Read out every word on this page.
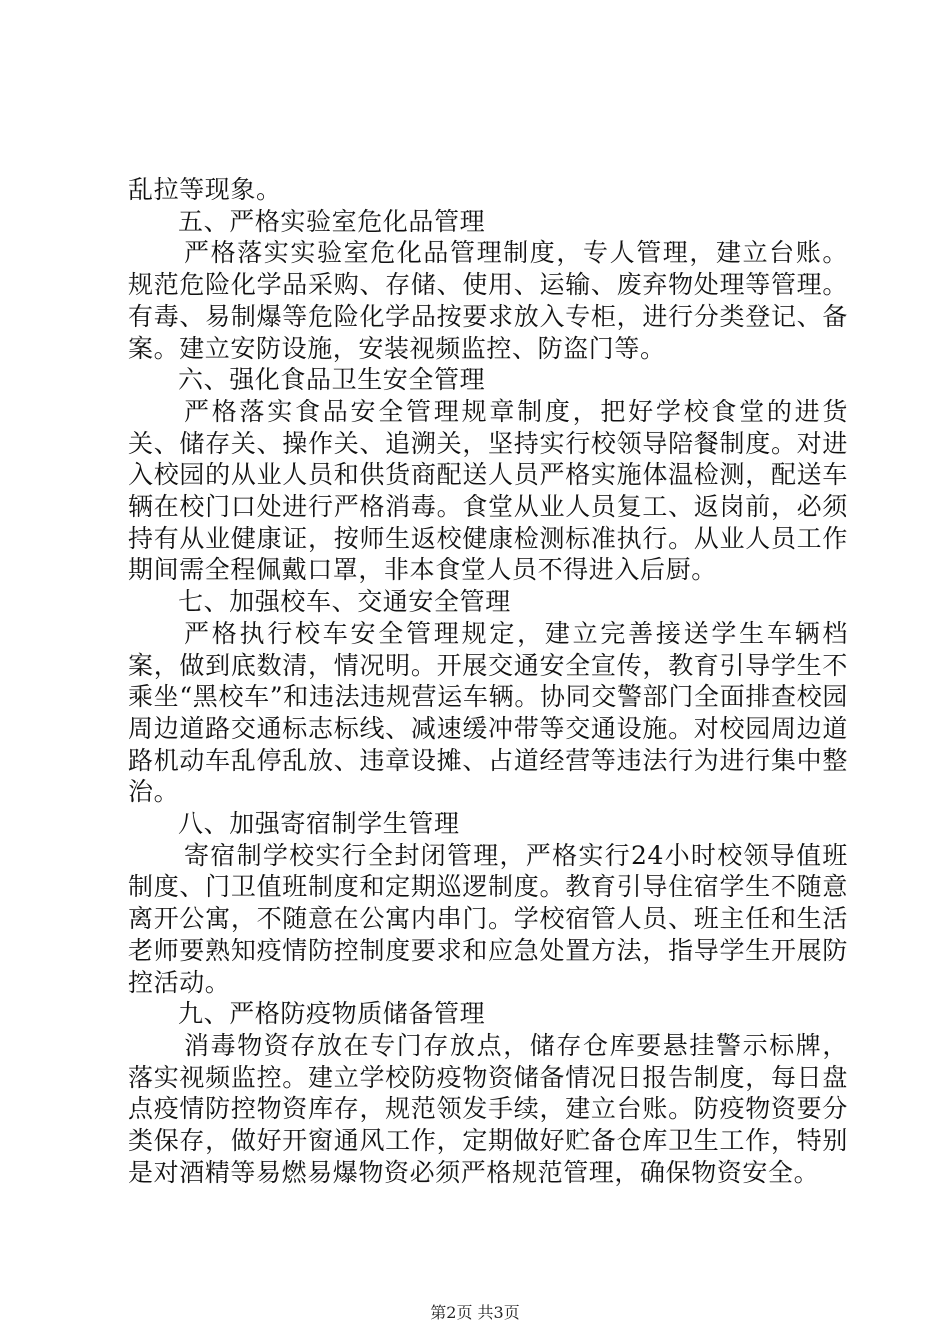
乱拉等现象。

五、严格实验室危化品管理

严格落实实验室危化品管理制度，专人管理，建立台账。规范危险化学品采购、存储、使用、运输、废弃物处理等管理。有毒、易制爆等危险化学品按要求放入专柜，进行分类登记、备案。建立安防设施，安装视频监控、防盗门等。

六、强化食品卫生安全管理

严格落实食品安全管理规章制度，把好学校食堂的进货关、储存关、操作关、追溯关，坚持实行校领导陪餐制度。对进入校园的从业人员和供货商配送人员严格实施体温检测，配送车辆在校门口处进行严格消毒。食堂从业人员复工、返岗前，必须持有从业健康证，按师生返校健康检测标准执行。从业人员工作期间需全程佩戴口罩，非本食堂人员不得进入后厨。

七、加强校车、交通安全管理

严格执行校车安全管理规定，建立完善接送学生车辆档案，做到底数清，情况明。开展交通安全宣传，教育引导学生不乘坐“黑校车”和违法违规营运车辆。协同交警部门全面排查校园周边道路交通标志标线、减速缓冲带等交通设施。对校园周边道路机动车乱停乱放、违章设摊、占道经营等违法行为进行集中整治。

八、加强寄宿制学生管理

寄宿制学校实行全封闭管理，严格实行24小时校领导值班制度、门卫值班制度和定期巡逻制度。教育引导住宿学生不随意离开公寓，不随意在公寓内串门。学校宿管人员、班主任和生活老师要熟知疫情防控制度要求和应急处置方法，指导学生开展防控活动。

九、严格防疫物质储备管理

消毒物资存放在专门存放点，储存仓库要悬挂警示标牌，落实视频监控。建立学校防疫物资储备情况日报告制度，每日盘点疫情防控物资库存，规范领发手续，建立台账。防疫物资要分类保存，做好开窗通风工作，定期做好贮备仓库卫生工作，特别是对酒精等易燃易爆物资必须严格规范管理，确保物资安全。

第2页 共3页
